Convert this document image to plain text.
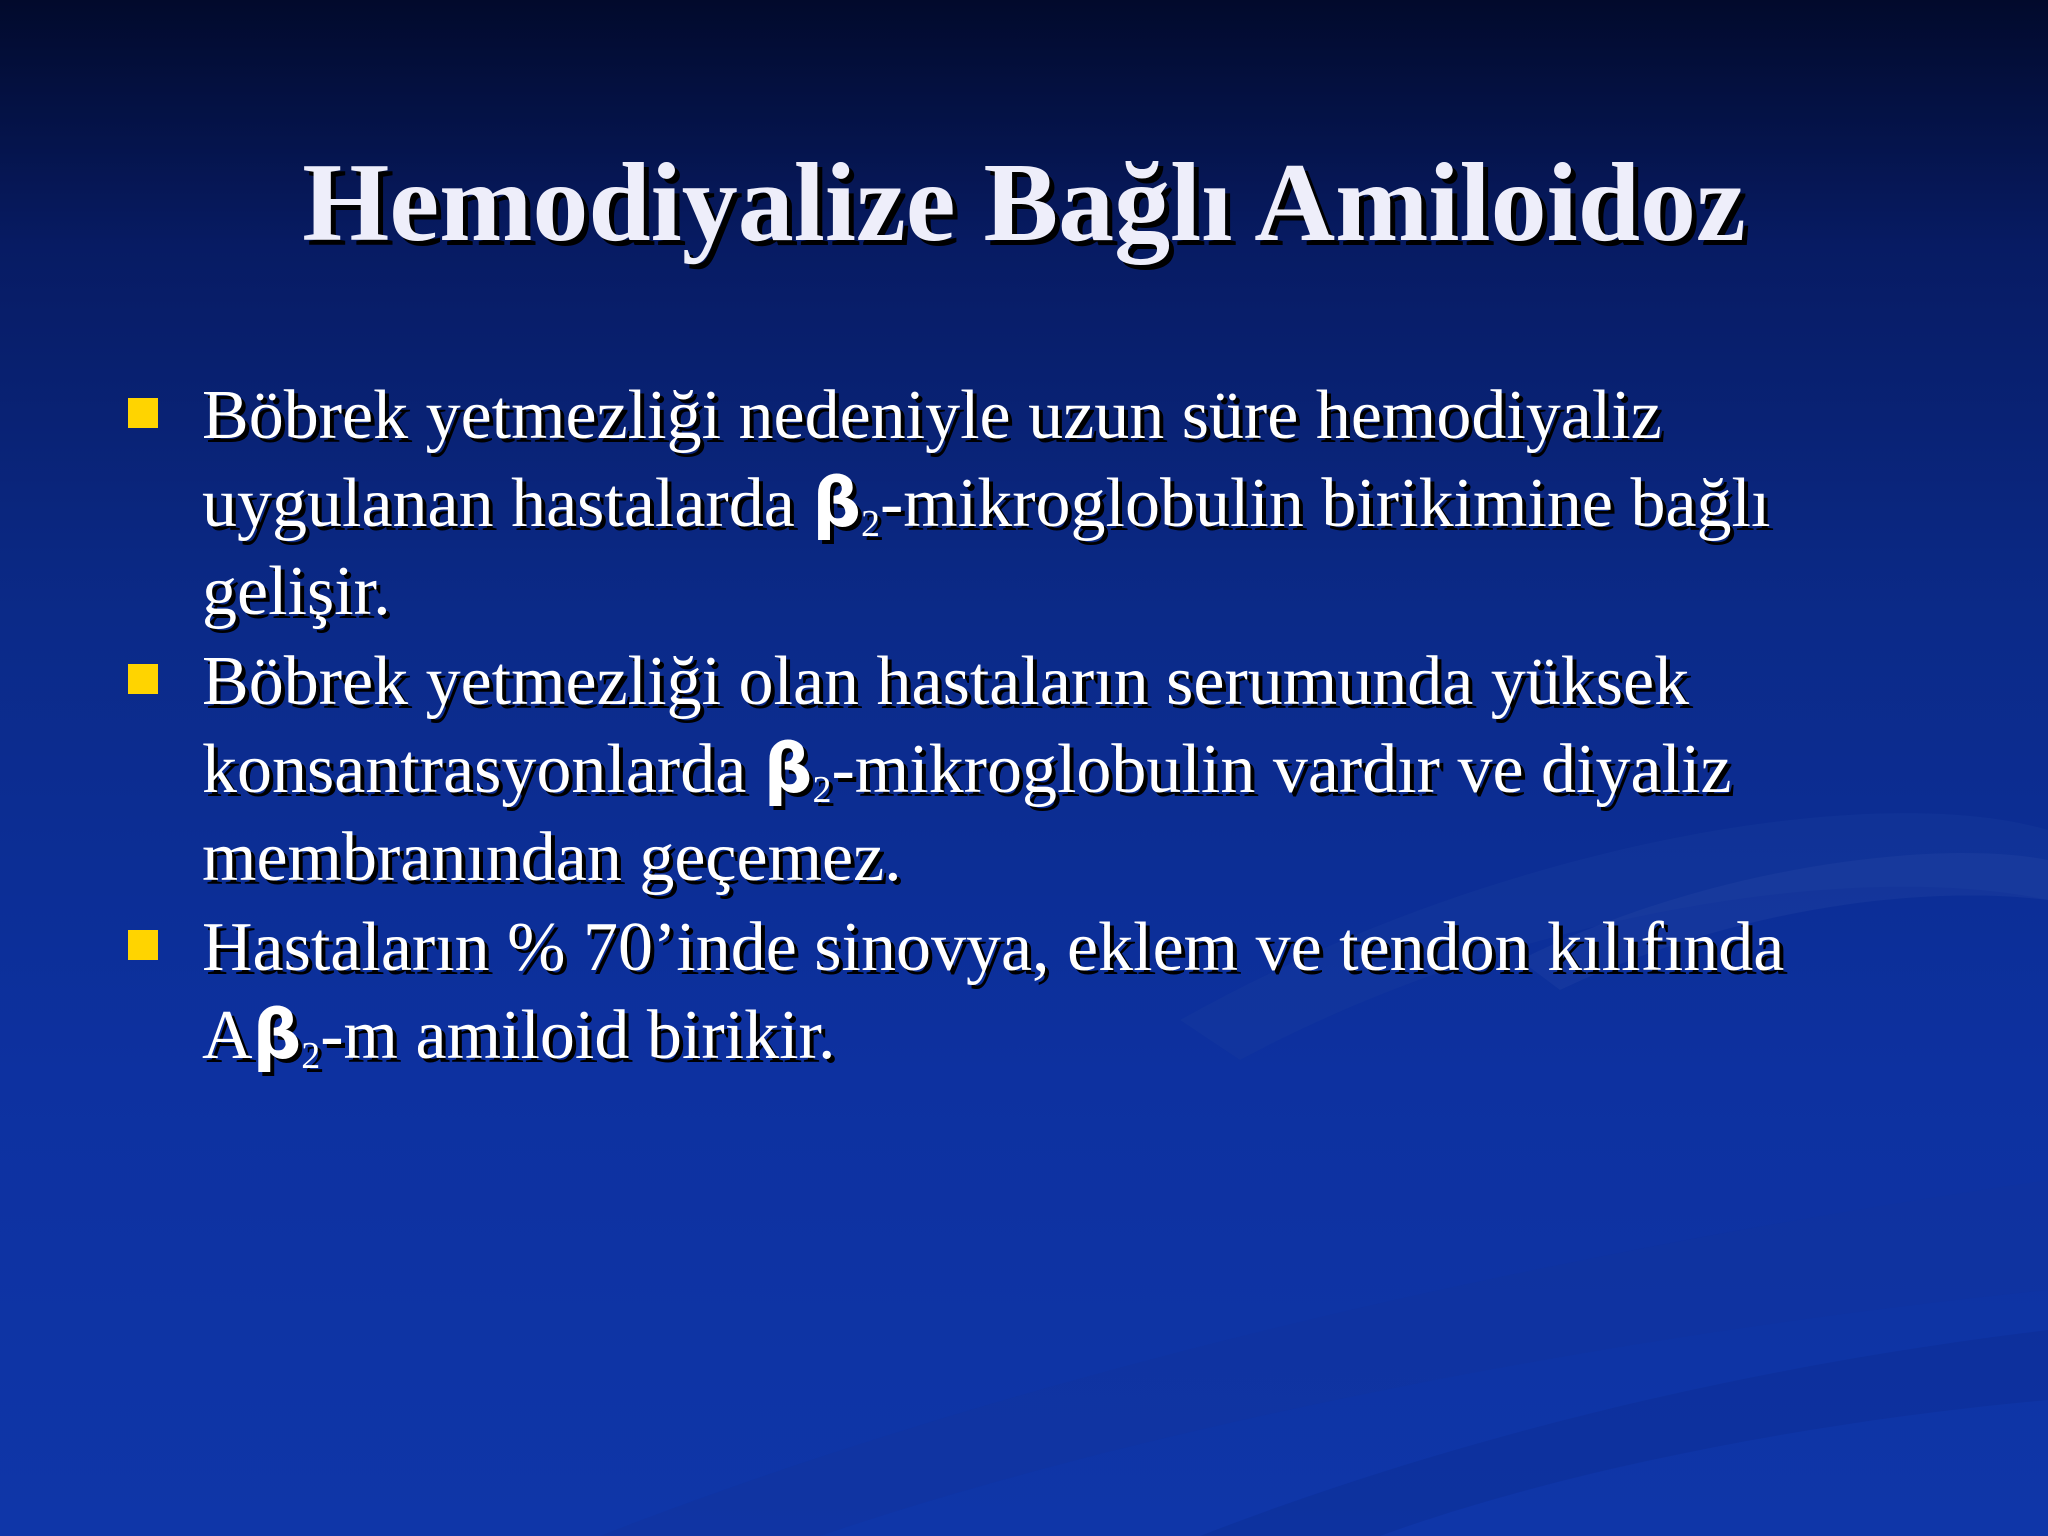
Hemodiyalize Bağlı Amiloidoz
Böbrek yetmezliği nedeniyle uzun süre hemodiyaliz
uygulanan hastalarda $\beta_2$-mikroglobulin birikimine bağlı
gelişir.
Böbrek yetmezliği olan hastaların serumunda yüksek
konsantrasyonlarda $\beta_2$-mikroglobulin vardır ve diyaliz
membranından geçemez.
Hastaların % 70’inde sinovya, eklem ve tendon kılıfında
$A\beta_2-m$ amiloid birikir.
